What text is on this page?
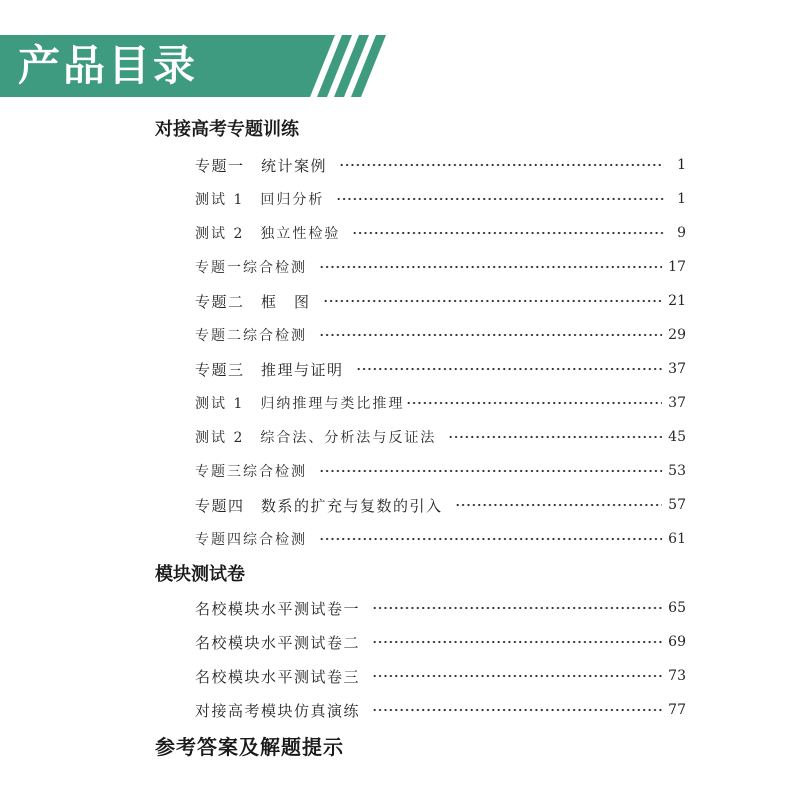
产品目录
对接高考专题训练
专题一　统计案例	1
测试 1　回归分析	1
测试 2　独立性检验	9
专题一综合检测	17
专题二　框　图	21
专题二综合检测	29
专题三　推理与证明	37
测试 1　归纳推理与类比推理	37
测试 2　综合法、分析法与反证法	45
专题三综合检测	53
专题四　数系的扩充与复数的引入	57
专题四综合检测	61
模块测试卷
名校模块水平测试卷一	65
名校模块水平测试卷二	69
名校模块水平测试卷三	73
对接高考模块仿真演练	77
参考答案及解题提示
